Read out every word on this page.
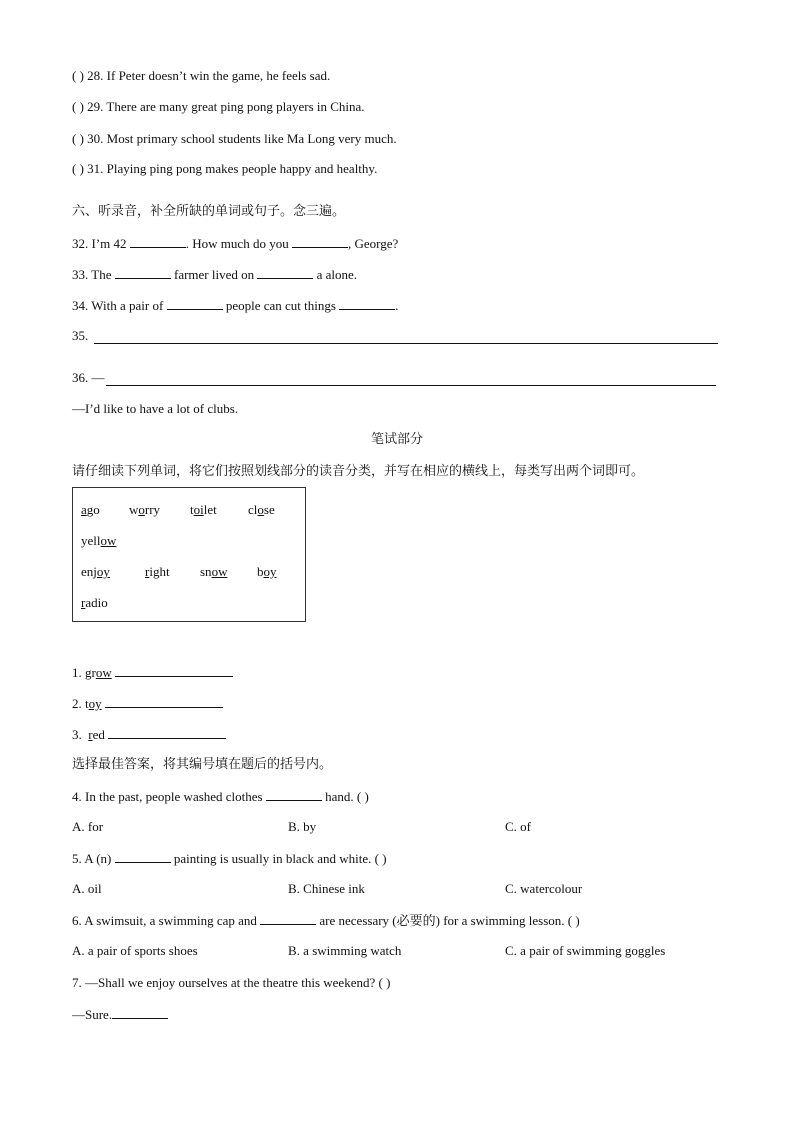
( ) 28. If Peter doesn’t win the game, he feels sad.
( ) 29. There are many great ping pong players in China.
( ) 30. Most primary school students like Ma Long very much.
( ) 31. Playing ping pong makes people happy and healthy.
六、听录音，补全所缺的单词或句子。念三遍。
32. I’m 42	. How much do you	, George?
33. The	farmer lived on	a alone.
34. With a pair of	people can cut things	.
35.
36. —
—I’d like to have a lot of clubs.
笔试部分
请仔细读下列单词，将它们按照划线部分的读音分类，并写在相应的横线上，每类写出两个词即可。
ago worry toilet close
yellow
enjoy	right snow boy
radio
1. grow
2. toy
3. red
选择最佳答案，将其编号填在题后的括号内。
4. In the past, people washed clothes	hand. ( )
A. for	B. by	C. of
5. A (n)	painting is usually in black and white. ( )
A. oil	B. Chinese ink	C. watercolour
6. A swimsuit, a swimming cap and	are necessary (必要的) for a swimming lesson. ( )
A. a pair of sports shoes	B. a swimming watch	C. a pair of swimming goggles
7. —Shall we enjoy ourselves at the theatre this weekend? ( )
—Sure.
